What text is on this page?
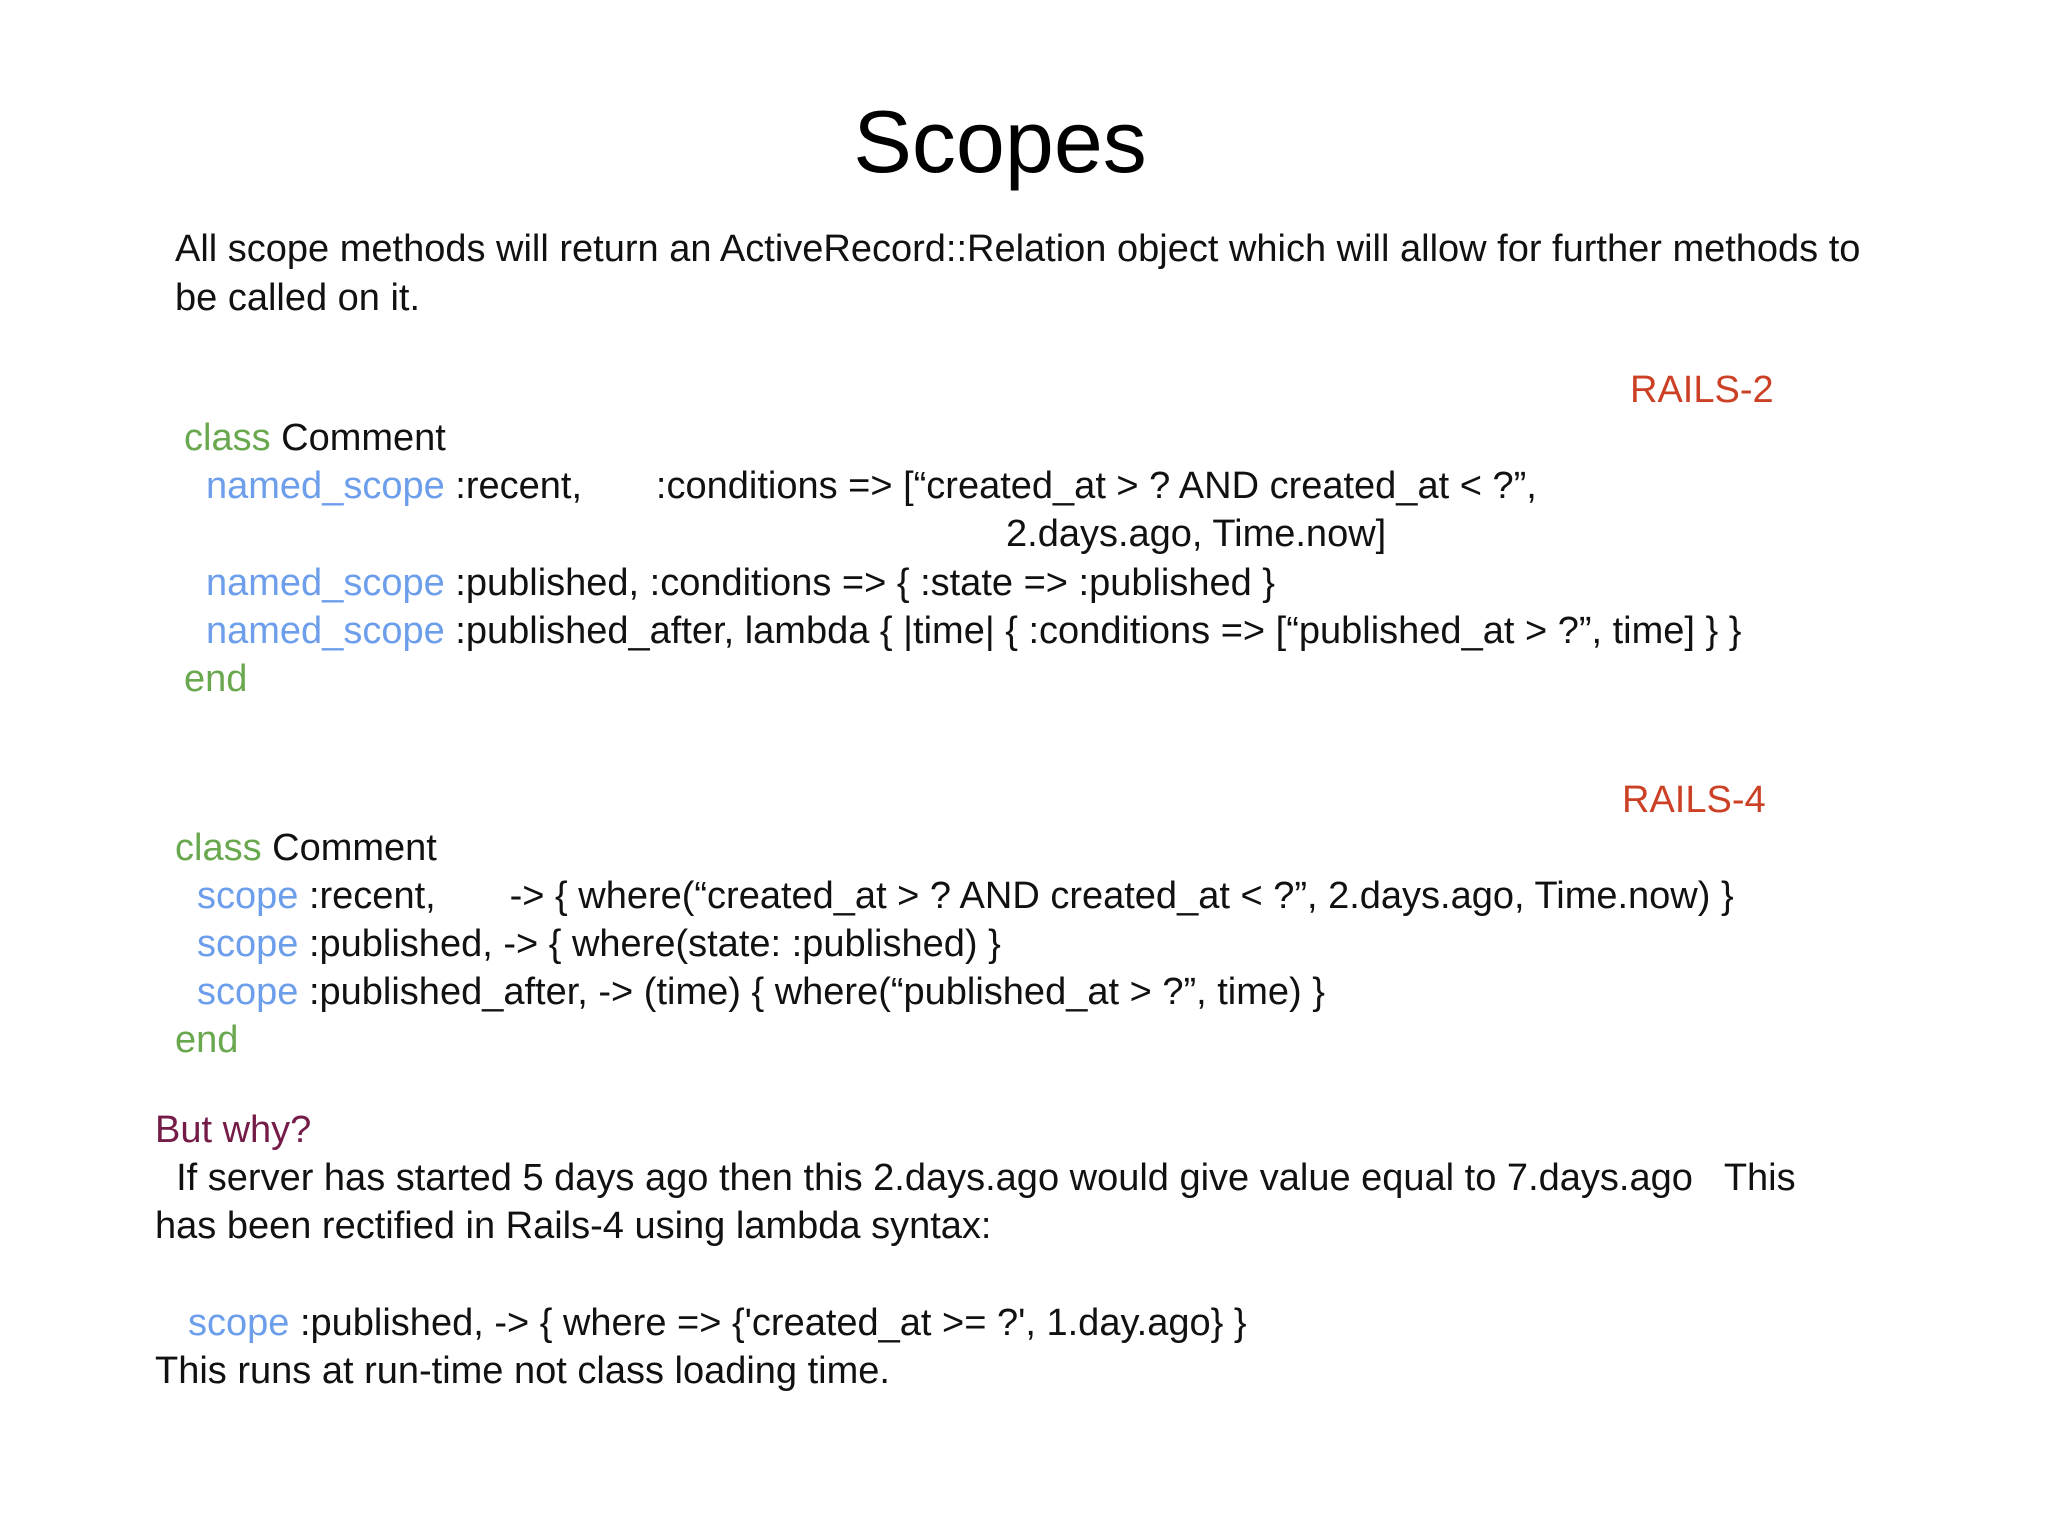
Scopes
All scope methods will return an ActiveRecord::Relation object which will allow for further methods to be called on it.
RAILS-2
class Comment
named_scope :recent,       :conditions => [“created_at > ? AND created_at < ?”,
2.days.ago, Time.now]
named_scope :published, :conditions => { :state => :published }
named_scope :published_after, lambda { |time| { :conditions => [“published_at > ?”, time] } }
end
RAILS-4
class Comment
scope :recent,       -> { where(“created_at > ? AND created_at < ?”, 2.days.ago, Time.now) }
scope :published, -> { where(state: :published) }
scope :published_after, -> (time) { where(“published_at > ?”, time) }
end
But why?
If server has started 5 days ago then this 2.days.ago would give value equal to 7.days.ago   This
has been rectified in Rails-4 using lambda syntax:
scope :published, -> { where => {'created_at >= ?', 1.day.ago} }
This runs at run-time not class loading time.
